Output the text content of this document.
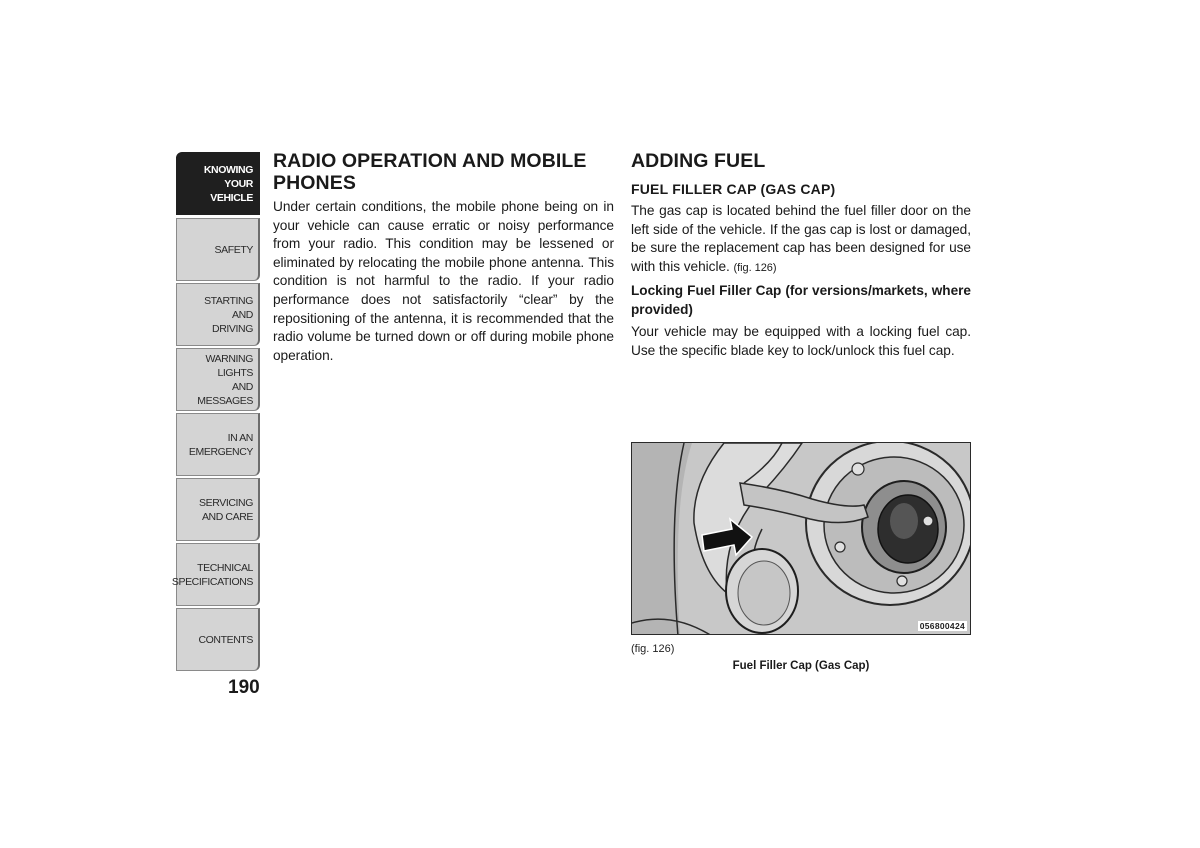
KNOWING
YOUR
VEHICLE
SAFETY
STARTING
AND
DRIVING
WARNING
LIGHTS
AND
MESSAGES
IN AN
EMERGENCY
SERVICING
AND CARE
TECHNICAL
SPECIFICATIONS
CONTENTS
190
RADIO OPERATION AND MOBILE PHONES

Under certain conditions, the mobile phone being on in your vehicle can cause erratic or noisy performance from your radio. This condition may be lessened or eliminated by relocating the mobile phone antenna. This condition is not harmful to the radio. If your radio performance does not satisfactorily “clear” by the repositioning of the antenna, it is recommended that the radio volume be turned down or off during mobile phone operation.

ADDING FUEL
FUEL FILLER CAP (GAS CAP)

The gas cap is located behind the fuel filler door on the left side of the vehicle. If the gas cap is lost or damaged, be sure the replacement cap has been designed for use with this vehicle. (fig. 126)

Locking Fuel Filler Cap (for versions/markets, where provided)

Your vehicle may be equipped with a locking fuel cap. Use the specific blade key to lock/unlock this fuel cap.

056800424
(fig. 126)
Fuel Filler Cap (Gas Cap)
